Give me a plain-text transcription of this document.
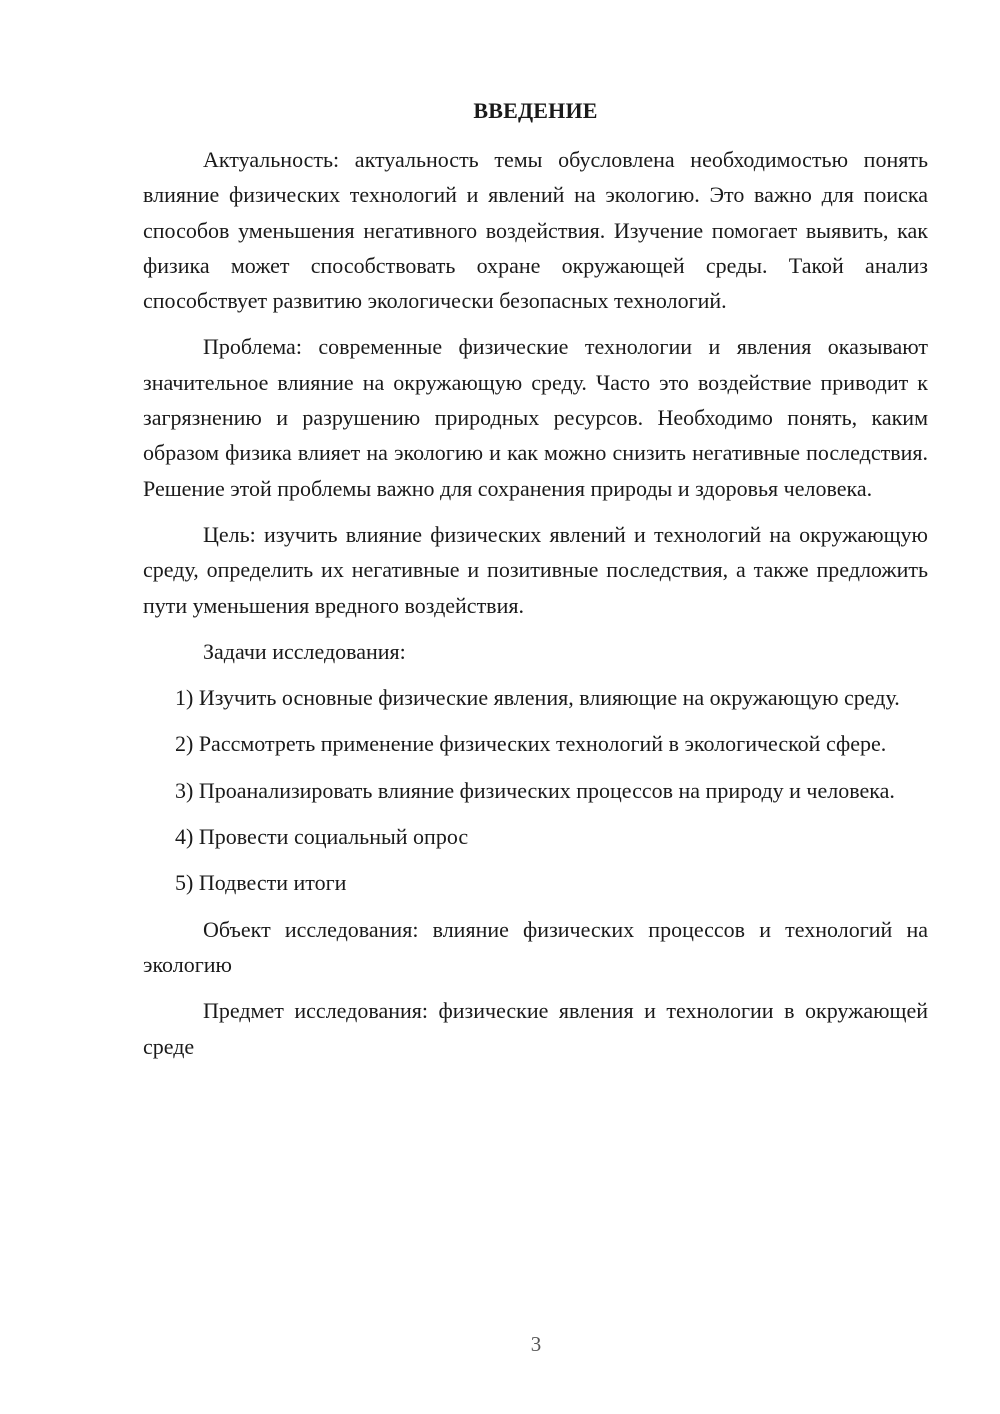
ВВЕДЕНИЕ

Актуальность: актуальность темы обусловлена необходимостью понять влияние физических технологий и явлений на экологию. Это важно для поиска способов уменьшения негативного воздействия. Изучение помогает выявить, как физика может способствовать охране окружающей среды. Такой анализ способствует развитию экологически безопасных технологий.

Проблема: современные физические технологии и явления оказывают значительное влияние на окружающую среду. Часто это воздействие приводит к загрязнению и разрушению природных ресурсов. Необходимо понять, каким образом физика влияет на экологию и как можно снизить негативные последствия. Решение этой проблемы важно для сохранения природы и здоровья человека.

Цель: изучить влияние физических явлений и технологий на окружающую среду, определить их негативные и позитивные последствия, а также предложить пути уменьшения вредного воздействия.

Задачи исследования:

1) Изучить основные физические явления, влияющие на окружающую среду.

2) Рассмотреть применение физических технологий в экологической сфере.

3) Проанализировать влияние физических процессов на природу и человека.

4) Провести социальный опрос

5) Подвести итоги

Объект исследования: влияние физических процессов и технологий на экологию

Предмет исследования: физические явления и технологии в окружающей среде

3
